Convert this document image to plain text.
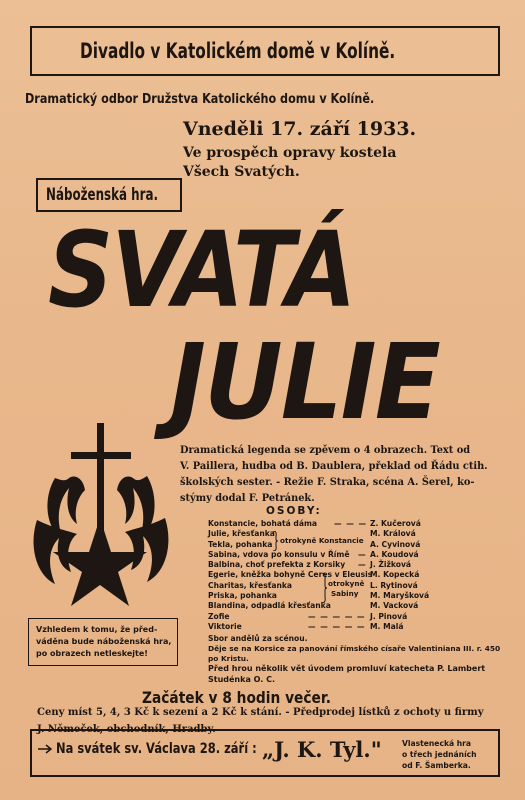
Divadlo v Katolickém domě v Kolíně.
Dramatický odbor Družstva Katolického domu v Kolíně.
Vneděli 17. září 1933.
Ve prospěch opravy kostela
Všech Svatých.
Náboženská hra.
SVATÁ
JULIE
Dramatická legenda se zpěvem o 4 obrazech. Text od
V. Paillera, hudba od B. Daublera, překlad od Řádu ctih.
školských sester. - Režie F. Straka, scéna A. Šerel, ko-
stýmy dodal F. Petránek.
OSOBY:
Konstancie, bohatá dáma — — — Z. Kučerová
Julie, křesťanka	M. Králová
Tekla, pohanka	A. Cyvinová
Sabina, vdova po konsulu v Římě — A. Koudová
Balbina, choť prefekta z Korsiky — J. Žižková
Egerie, kněžka bohyně Ceres v Eleusis
M. Kopecká
Charitas, křesťanka	L. Rytinová
Priska, pohanka	M. Maryšková
Blandina, odpadlá křesťanka	M. Vacková
Zofie	— — — — — J. Pinová
Viktorie	— — — — — M. Malá
otrokyně Konstancie
otrokyně
Sabiny
Sbor andělů za scénou.
Děje se na Korsice za panování římského císaře Valentiniana III. r. 450
po Kristu.
Před hrou několik vět úvodem promluví katecheta P. Lambert
Studénka O. C.
Vzhledem k tomu, že před-
váděna bude náboženská hra,
po obrazech netleskejte!
Začátek v 8 hodin večer.
Ceny míst 5, 4, 3 Kč k sezení a 2 Kč k stání. - Předprodej lístků z ochoty u firmy
J. Němeček, obchodník, Hradby.
Na svátek sv. Václava 28. září : „J. K. Tyl."	Vlastenecká hra
o třech jednáních
od F. Šamberka.
